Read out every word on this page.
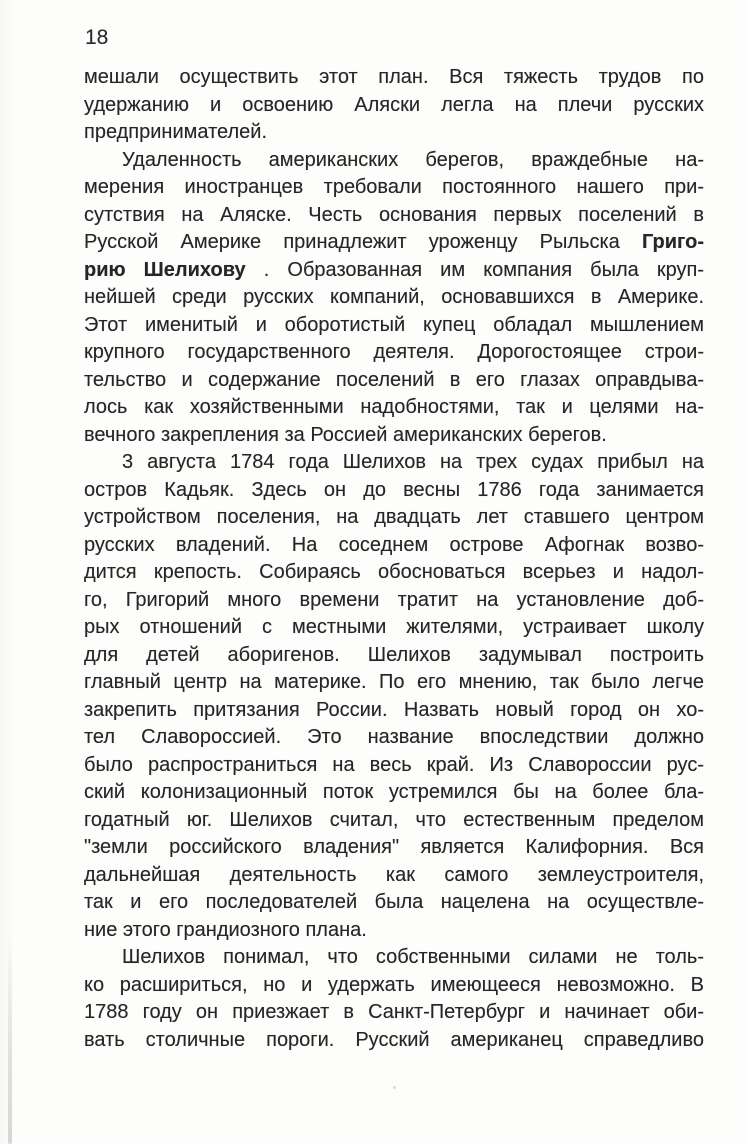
18
мешали осуществить этот план. Вся тяжесть трудов по
удержанию и освоению Аляски легла на плечи русских
предпринимателей.
Удаленность американских берегов, враждебные на-
мерения иностранцев требовали постоянного нашего при-
сутствия на Аляске. Честь основания первых поселений в
Русской Америке принадлежит уроженцу Рыльска Григо-
рию Шелихову . Образованная им компания была круп-
нейшей среди русских компаний, основавшихся в Америке.
Этот именитый и оборотистый купец обладал мышлением
крупного государственного деятеля. Дорогостоящее строи-
тельство и содержание поселений в его глазах оправдыва-
лось как хозяйственными надобностями, так и целями на-
вечного закрепления за Россией американских берегов.
3 августа 1784 года Шелихов на трех судах прибыл на
остров Кадьяк. Здесь он до весны 1786 года занимается
устройством поселения, на двадцать лет ставшего центром
русских владений. На соседнем острове Афогнак возво-
дится крепость. Собираясь обосноваться всерьез и надол-
го, Григорий много времени тратит на установление доб-
рых отношений с местными жителями, устраивает школу
для детей аборигенов. Шелихов задумывал построить
главный центр на материке. По его мнению, так было легче
закрепить притязания России. Назвать новый город он хо-
тел Славороссией. Это название впоследствии должно
было распространиться на весь край. Из Славороссии рус-
ский колонизационный поток устремился бы на более бла-
годатный юг. Шелихов считал, что естественным пределом
"земли российского владения" является Калифорния. Вся
дальнейшая деятельность как самого землеустроителя,
так и его последователей была нацелена на осуществле-
ние этого грандиозного плана.
Шелихов понимал, что собственными силами не толь-
ко расшириться, но и удержать имеющееся невозможно. В
1788 году он приезжает в Санкт-Петербург и начинает оби-
вать столичные пороги. Русский американец справедливо
